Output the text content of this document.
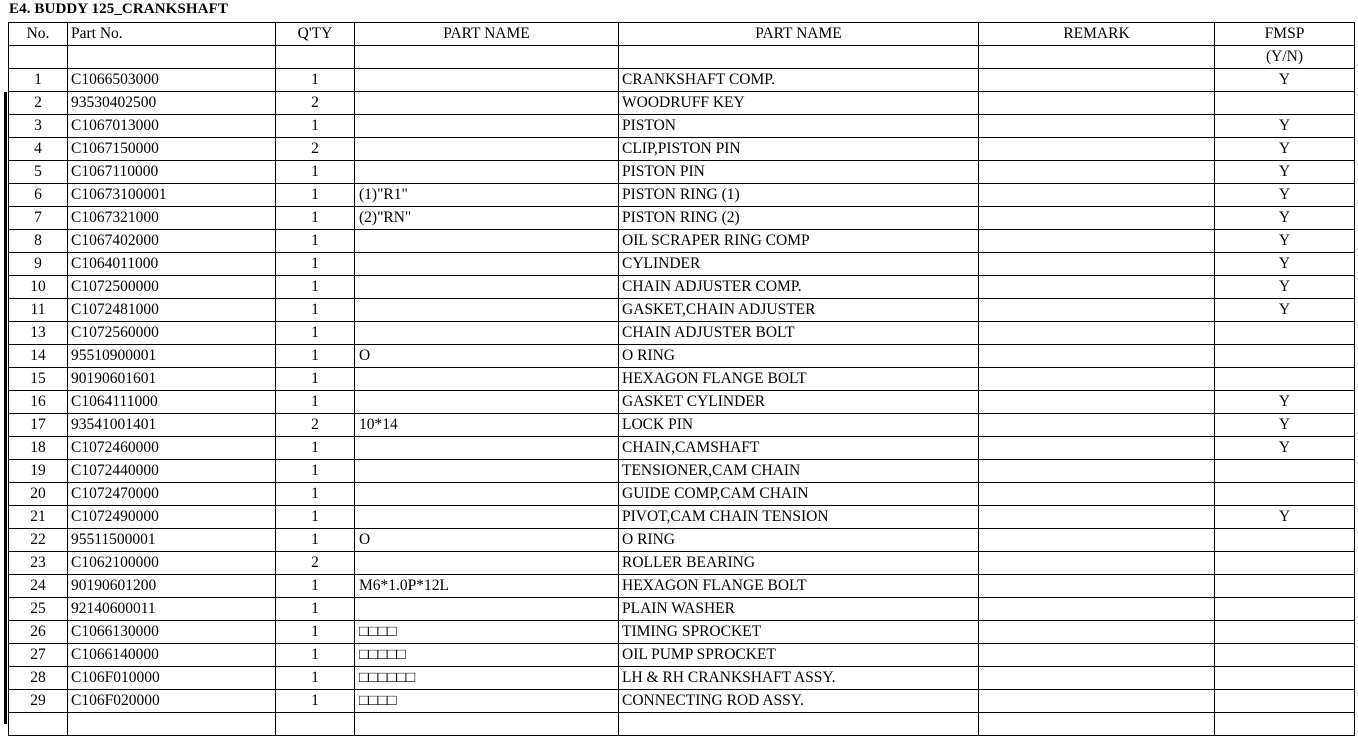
E4. BUDDY 125_CRANKSHAFT
No.	Part No.	Q'TY	PART NAME	PART NAME	REMARK	FMSP
						(Y/N)
1	C1066503000	1		CRANKSHAFT COMP.		Y
2	93530402500	2		WOODRUFF KEY		
3	C1067013000	1		PISTON		Y
4	C1067150000	2		CLIP,PISTON PIN		Y
5	C1067110000	1		PISTON PIN		Y
6	C10673100001	1	(1)"R1"	PISTON RING (1)		Y
7	C1067321000	1	(2)"RN"	PISTON RING (2)		Y
8	C1067402000	1		OIL SCRAPER RING COMP		Y
9	C1064011000	1		CYLINDER		Y
10	C1072500000	1		CHAIN ADJUSTER COMP.		Y
11	C1072481000	1		GASKET,CHAIN ADJUSTER		Y
13	C1072560000	1		CHAIN ADJUSTER BOLT		
14	95510900001	1	O	O RING		
15	90190601601	1		HEXAGON FLANGE BOLT		
16	C1064111000	1		GASKET CYLINDER		Y
17	93541001401	2	10*14	LOCK PIN		Y
18	C1072460000	1		CHAIN,CAMSHAFT		Y
19	C1072440000	1		TENSIONER,CAM CHAIN		
20	C1072470000	1		GUIDE COMP,CAM CHAIN		
21	C1072490000	1		PIVOT,CAM CHAIN TENSION		Y
22	95511500001	1	O	O RING		
23	C1062100000	2		ROLLER BEARING		
24	90190601200	1	M6*1.0P*12L	HEXAGON FLANGE BOLT		
25	92140600011	1		PLAIN WASHER		
26	C1066130000	1	□□□□	TIMING SPROCKET		
27	C1066140000	1	□□□□□	OIL PUMP SPROCKET		
28	C106F010000	1	□□□□□□	LH & RH CRANKSHAFT ASSY.		
29	C106F020000	1	□□□□	CONNECTING ROD ASSY.		
